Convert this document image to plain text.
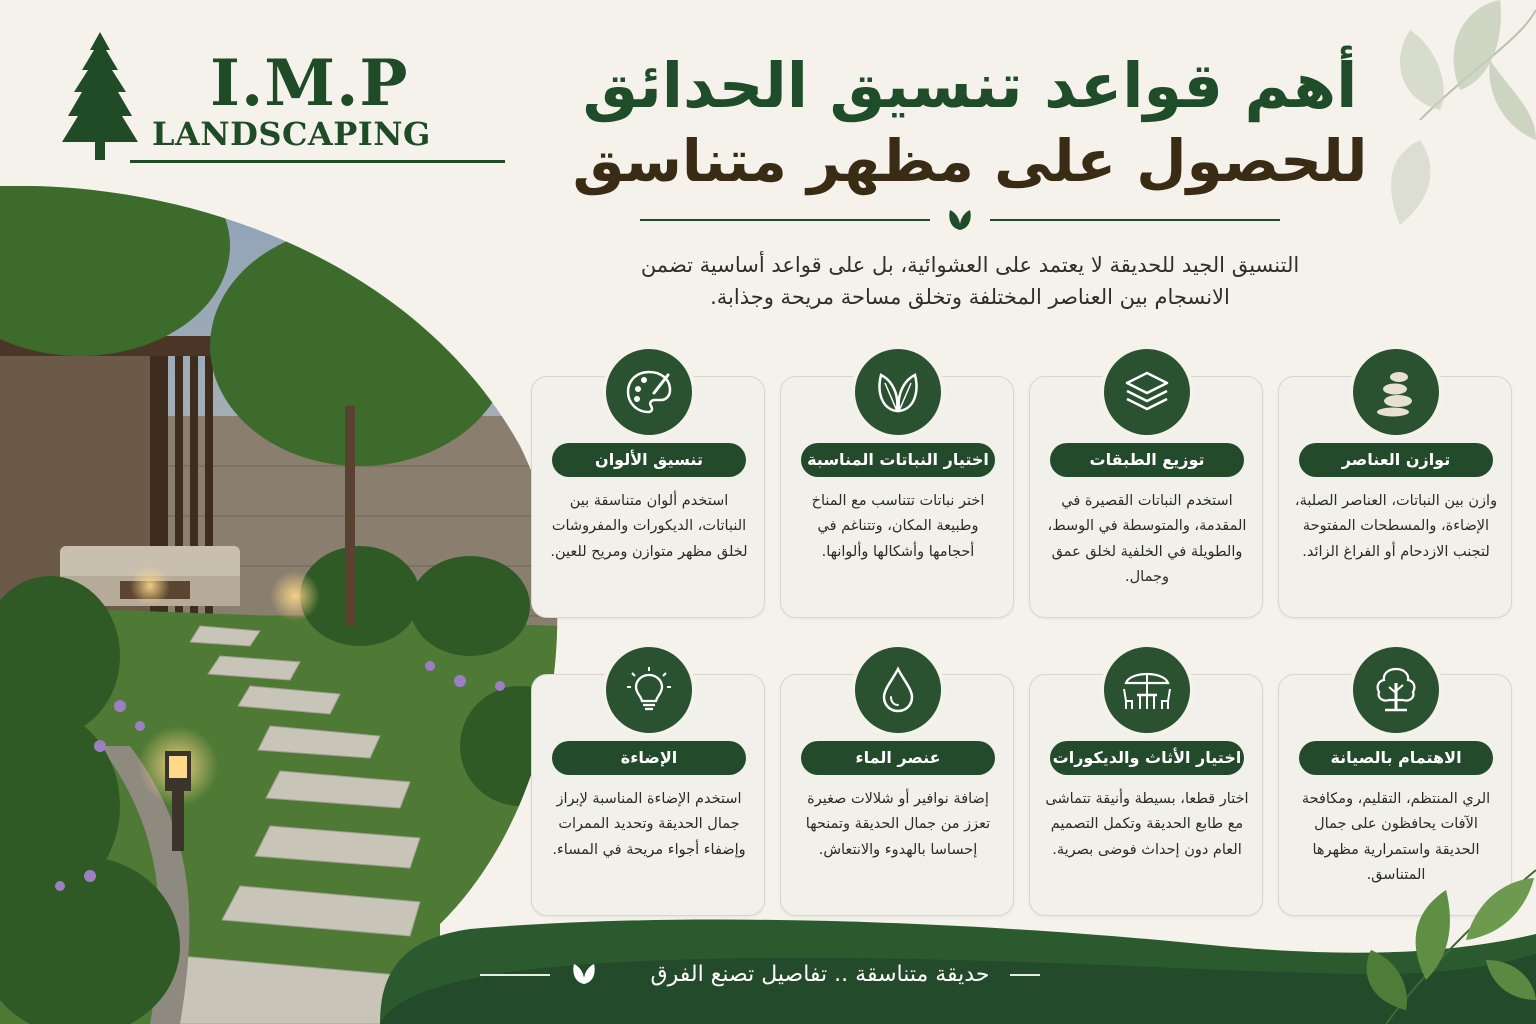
I.M.P
LANDSCAPING
أهم قواعد تنسيق الحدائق
للحصول على مظهر متناسق
التنسيق الجيد للحديقة لا يعتمد على العشوائية، بل على قواعد أساسية تضمن الانسجام بين العناصر المختلفة وتخلق مساحة مريحة وجذابة.
توازن العناصر
وازن بين النباتات، العناصر الصلبة، الإضاءة، والمسطحات المفتوحة لتجنب الازدحام أو الفراغ الزائد.
توزيع الطبقات
استخدم النباتات القصيرة في المقدمة، والمتوسطة في الوسط، والطويلة في الخلفية لخلق عمق وجمال.
اختيار النباتات المناسبة
اختر نباتات تتناسب مع المناخ وطبيعة المكان، وتتناغم في أحجامها وأشكالها وألوانها.
تنسيق الألوان
استخدم ألوان متناسقة بين النباتات، الديكورات والمفروشات لخلق مظهر متوازن ومريح للعين.
الاهتمام بالصيانة
الري المنتظم، التقليم، ومكافحة الآفات يحافظون على جمال الحديقة واستمرارية مظهرها المتناسق.
اختيار الأثاث والديكورات
اختار قطعا، بسيطة وأنيقة تتماشى مع طابع الحديقة وتكمل التصميم العام دون إحداث فوضى بصرية.
عنصر الماء
إضافة نوافير أو شلالات صغيرة تعزز من جمال الحديقة وتمنحها إحساسا بالهدوء والانتعاش.
الإضاءة
استخدم الإضاءة المناسبة لإبراز جمال الحديقة وتحديد الممرات وإضفاء أجواء مريحة في المساء.
حديقة متناسقة .. تفاصيل تصنع الفرق
